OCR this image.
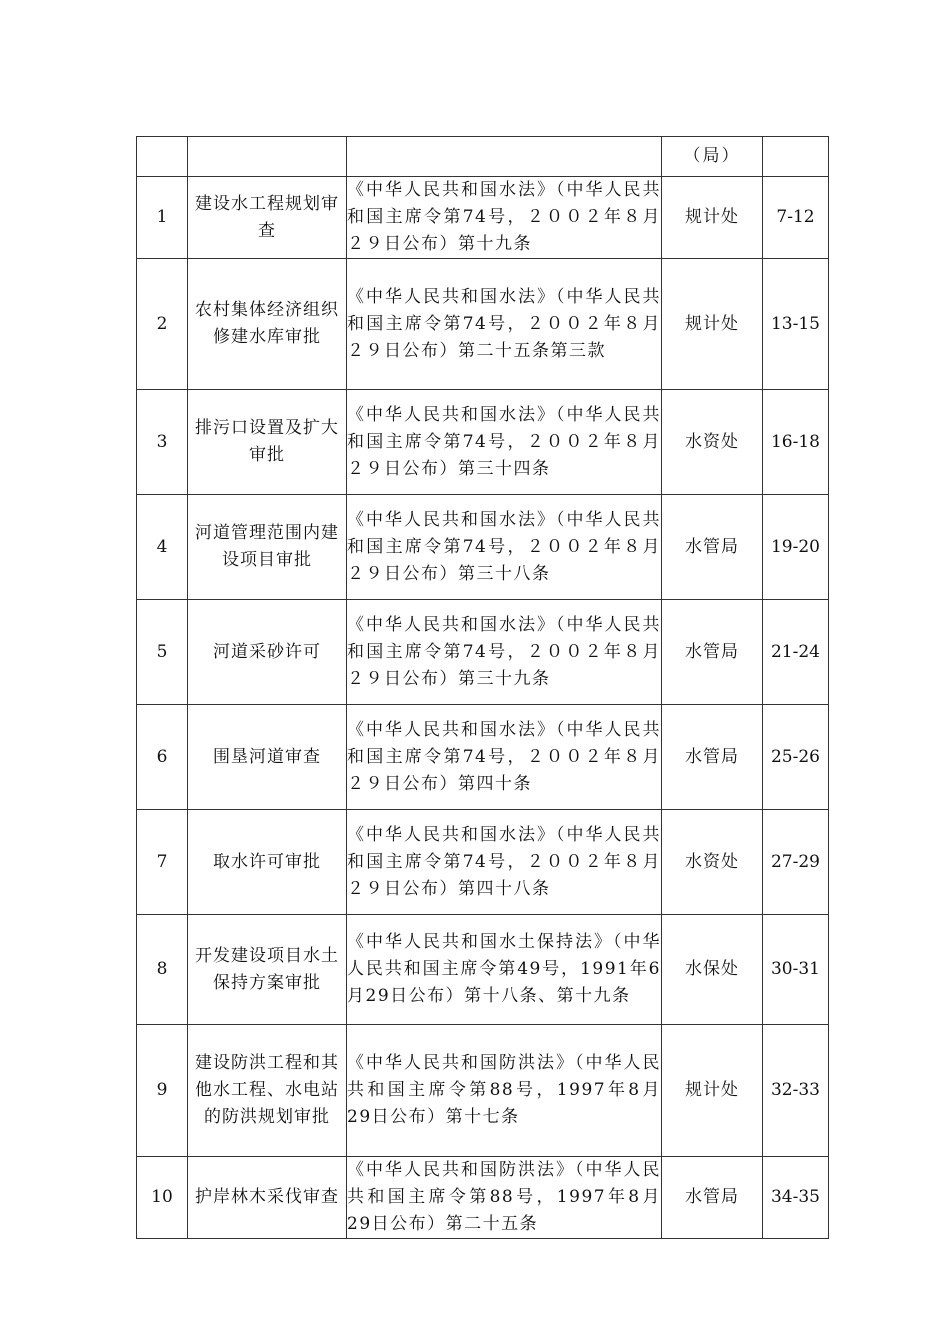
			（局）	
1	建设水工程规划审查	《中华人民共和国水法》（中华人民共和国主席令第74号，２００２年８月２９日公布）第十九条	规计处	7-12
2	农村集体经济组织修建水库审批	《中华人民共和国水法》（中华人民共和国主席令第74号，２００２年８月２９日公布）第二十五条第三款	规计处	13-15
3	排污口设置及扩大审批	《中华人民共和国水法》（中华人民共和国主席令第74号，２００２年８月２９日公布）第三十四条	水资处	16-18
4	河道管理范围内建设项目审批	《中华人民共和国水法》（中华人民共和国主席令第74号，２００２年８月２９日公布）第三十八条	水管局	19-20
5	河道采砂许可	《中华人民共和国水法》（中华人民共和国主席令第74号，２００２年８月２９日公布）第三十九条	水管局	21-24
6	围垦河道审查	《中华人民共和国水法》（中华人民共和国主席令第74号，２００２年８月２９日公布）第四十条	水管局	25-26
7	取水许可审批	《中华人民共和国水法》（中华人民共和国主席令第74号，２００２年８月２９日公布）第四十八条	水资处	27-29
8	开发建设项目水土保持方案审批	《中华人民共和国水土保持法》（中华人民共和国主席令第49号，1991年6月29日公布）第十八条、第十九条	水保处	30-31
9	建设防洪工程和其他水工程、水电站的防洪规划审批	《中华人民共和国防洪法》（中华人民共和国主席令第88号，1997年8月29日公布）第十七条	规计处	32-33
10	护岸林木采伐审查	《中华人民共和国防洪法》（中华人民共和国主席令第88号，1997年8月29日公布）第二十五条	水管局	34-35
